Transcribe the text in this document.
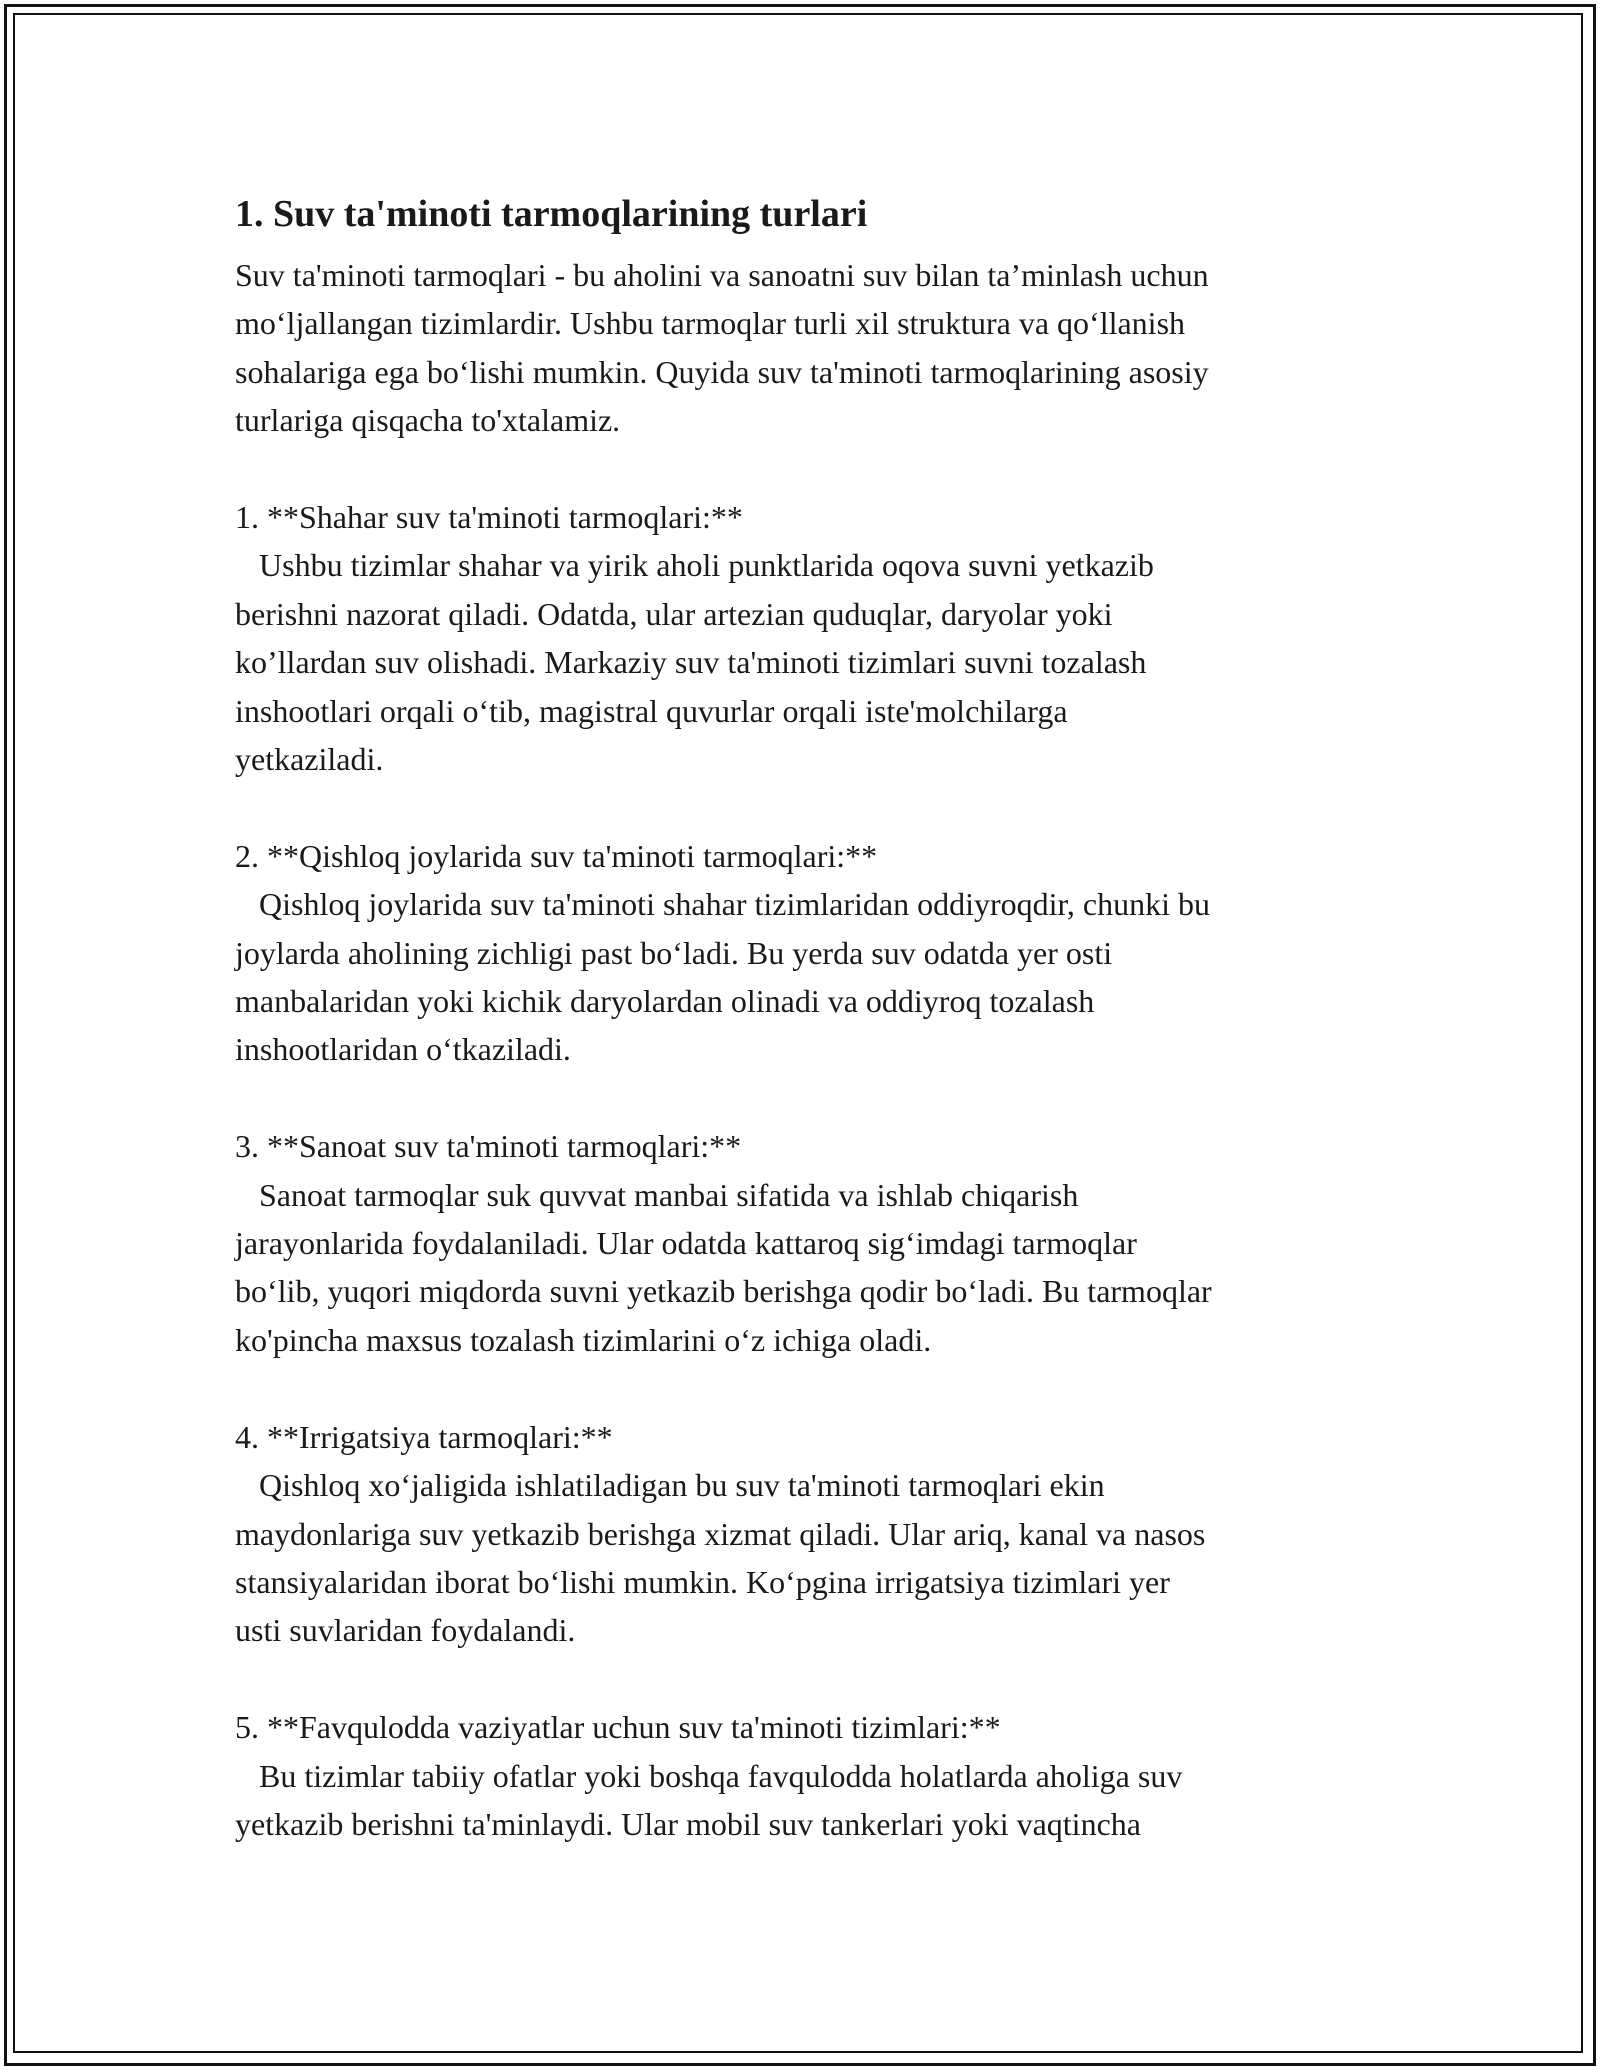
1. Suv ta'minoti tarmoqlarining turlari

Suv ta'minoti tarmoqlari - bu aholini va sanoatni suv bilan ta’minlash uchun
mo‘ljallangan tizimlardir. Ushbu tarmoqlar turli xil struktura va qo‘llanish
sohalariga ega bo‘lishi mumkin. Quyida suv ta'minoti tarmoqlarining asosiy
turlariga qisqacha to'xtalamiz.

1. **Shahar suv ta'minoti tarmoqlari:**
Ushbu tizimlar shahar va yirik aholi punktlarida oqova suvni yetkazib
berishni nazorat qiladi. Odatda, ular artezian quduqlar, daryolar yoki
ko’llardan suv olishadi. Markaziy suv ta'minoti tizimlari suvni tozalash
inshootlari orqali o‘tib, magistral quvurlar orqali iste'molchilarga
yetkaziladi.

2. **Qishloq joylarida suv ta'minoti tarmoqlari:**
Qishloq joylarida suv ta'minoti shahar tizimlaridan oddiyroqdir, chunki bu
joylarda aholining zichligi past bo‘ladi. Bu yerda suv odatda yer osti
manbalaridan yoki kichik daryolardan olinadi va oddiyroq tozalash
inshootlaridan o‘tkaziladi.

3. **Sanoat suv ta'minoti tarmoqlari:**
Sanoat tarmoqlar suk quvvat manbai sifatida va ishlab chiqarish
jarayonlarida foydalaniladi. Ular odatda kattaroq sig‘imdagi tarmoqlar
bo‘lib, yuqori miqdorda suvni yetkazib berishga qodir bo‘ladi. Bu tarmoqlar
ko'pincha maxsus tozalash tizimlarini o‘z ichiga oladi.

4. **Irrigatsiya tarmoqlari:**
Qishloq xo‘jaligida ishlatiladigan bu suv ta'minoti tarmoqlari ekin
maydonlariga suv yetkazib berishga xizmat qiladi. Ular ariq, kanal va nasos
stansiyalaridan iborat bo‘lishi mumkin. Ko‘pgina irrigatsiya tizimlari yer
usti suvlaridan foydalandi.

5. **Favqulodda vaziyatlar uchun suv ta'minoti tizimlari:**
Bu tizimlar tabiiy ofatlar yoki boshqa favqulodda holatlarda aholiga suv
yetkazib berishni ta'minlaydi. Ular mobil suv tankerlari yoki vaqtincha
